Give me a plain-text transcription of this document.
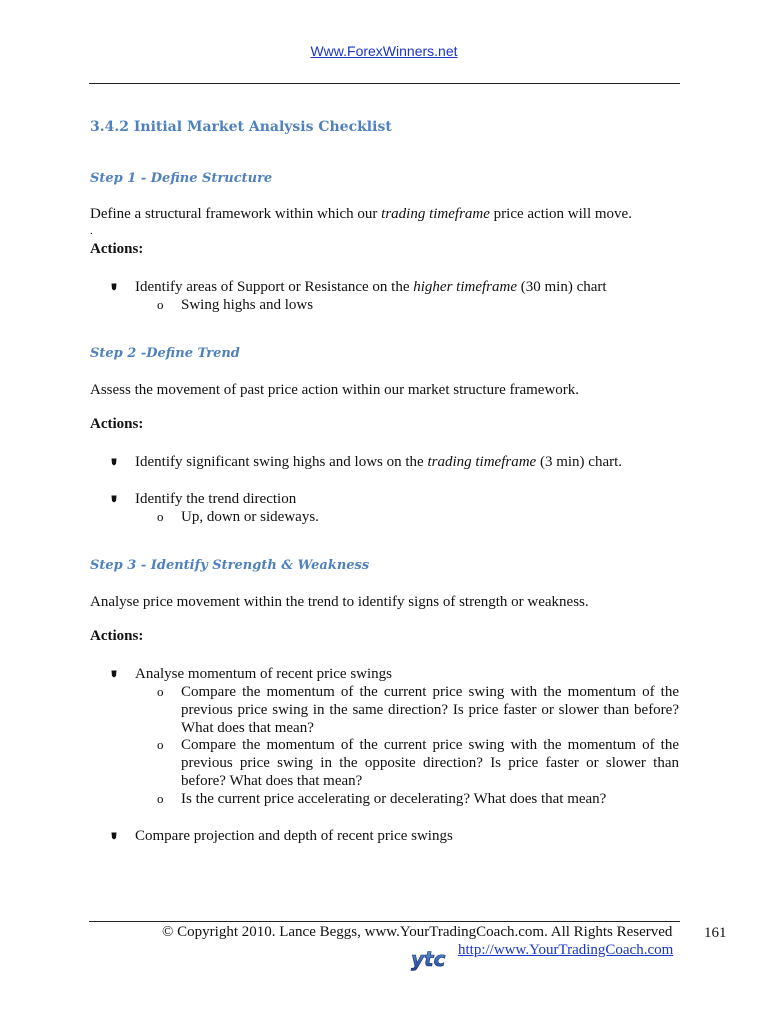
Www.ForexWinners.net
3.4.2 Initial Market Analysis Checklist
Step 1 - Define Structure
Define a structural framework within which our trading timeframe price action will move.
.
Actions:
Identify areas of Support or Resistance on the higher timeframe (30 min) chart
o Swing highs and lows
Step 2 -Define Trend
Assess the movement of past price action within our market structure framework.
Actions:
Identify significant swing highs and lows on the trading timeframe (3 min) chart.
Identify the trend direction
o Up, down or sideways.
Step 3 - Identify Strength & Weakness
Analyse price movement within the trend to identify signs of strength or weakness.
Actions:
Analyse momentum of recent price swings
o Compare the momentum of the current price swing with the momentum of the previous price swing in the same direction? Is price faster or slower than before? What does that mean?
o Compare the momentum of the current price swing with the momentum of the previous price swing in the opposite direction? Is price faster or slower than before? What does that mean?
o Is the current price accelerating or decelerating? What does that mean?
Compare projection and depth of recent price swings
© Copyright 2010. Lance Beggs, www.YourTradingCoach.com. All Rights Reserved 161
ytc http://www.YourTradingCoach.com
